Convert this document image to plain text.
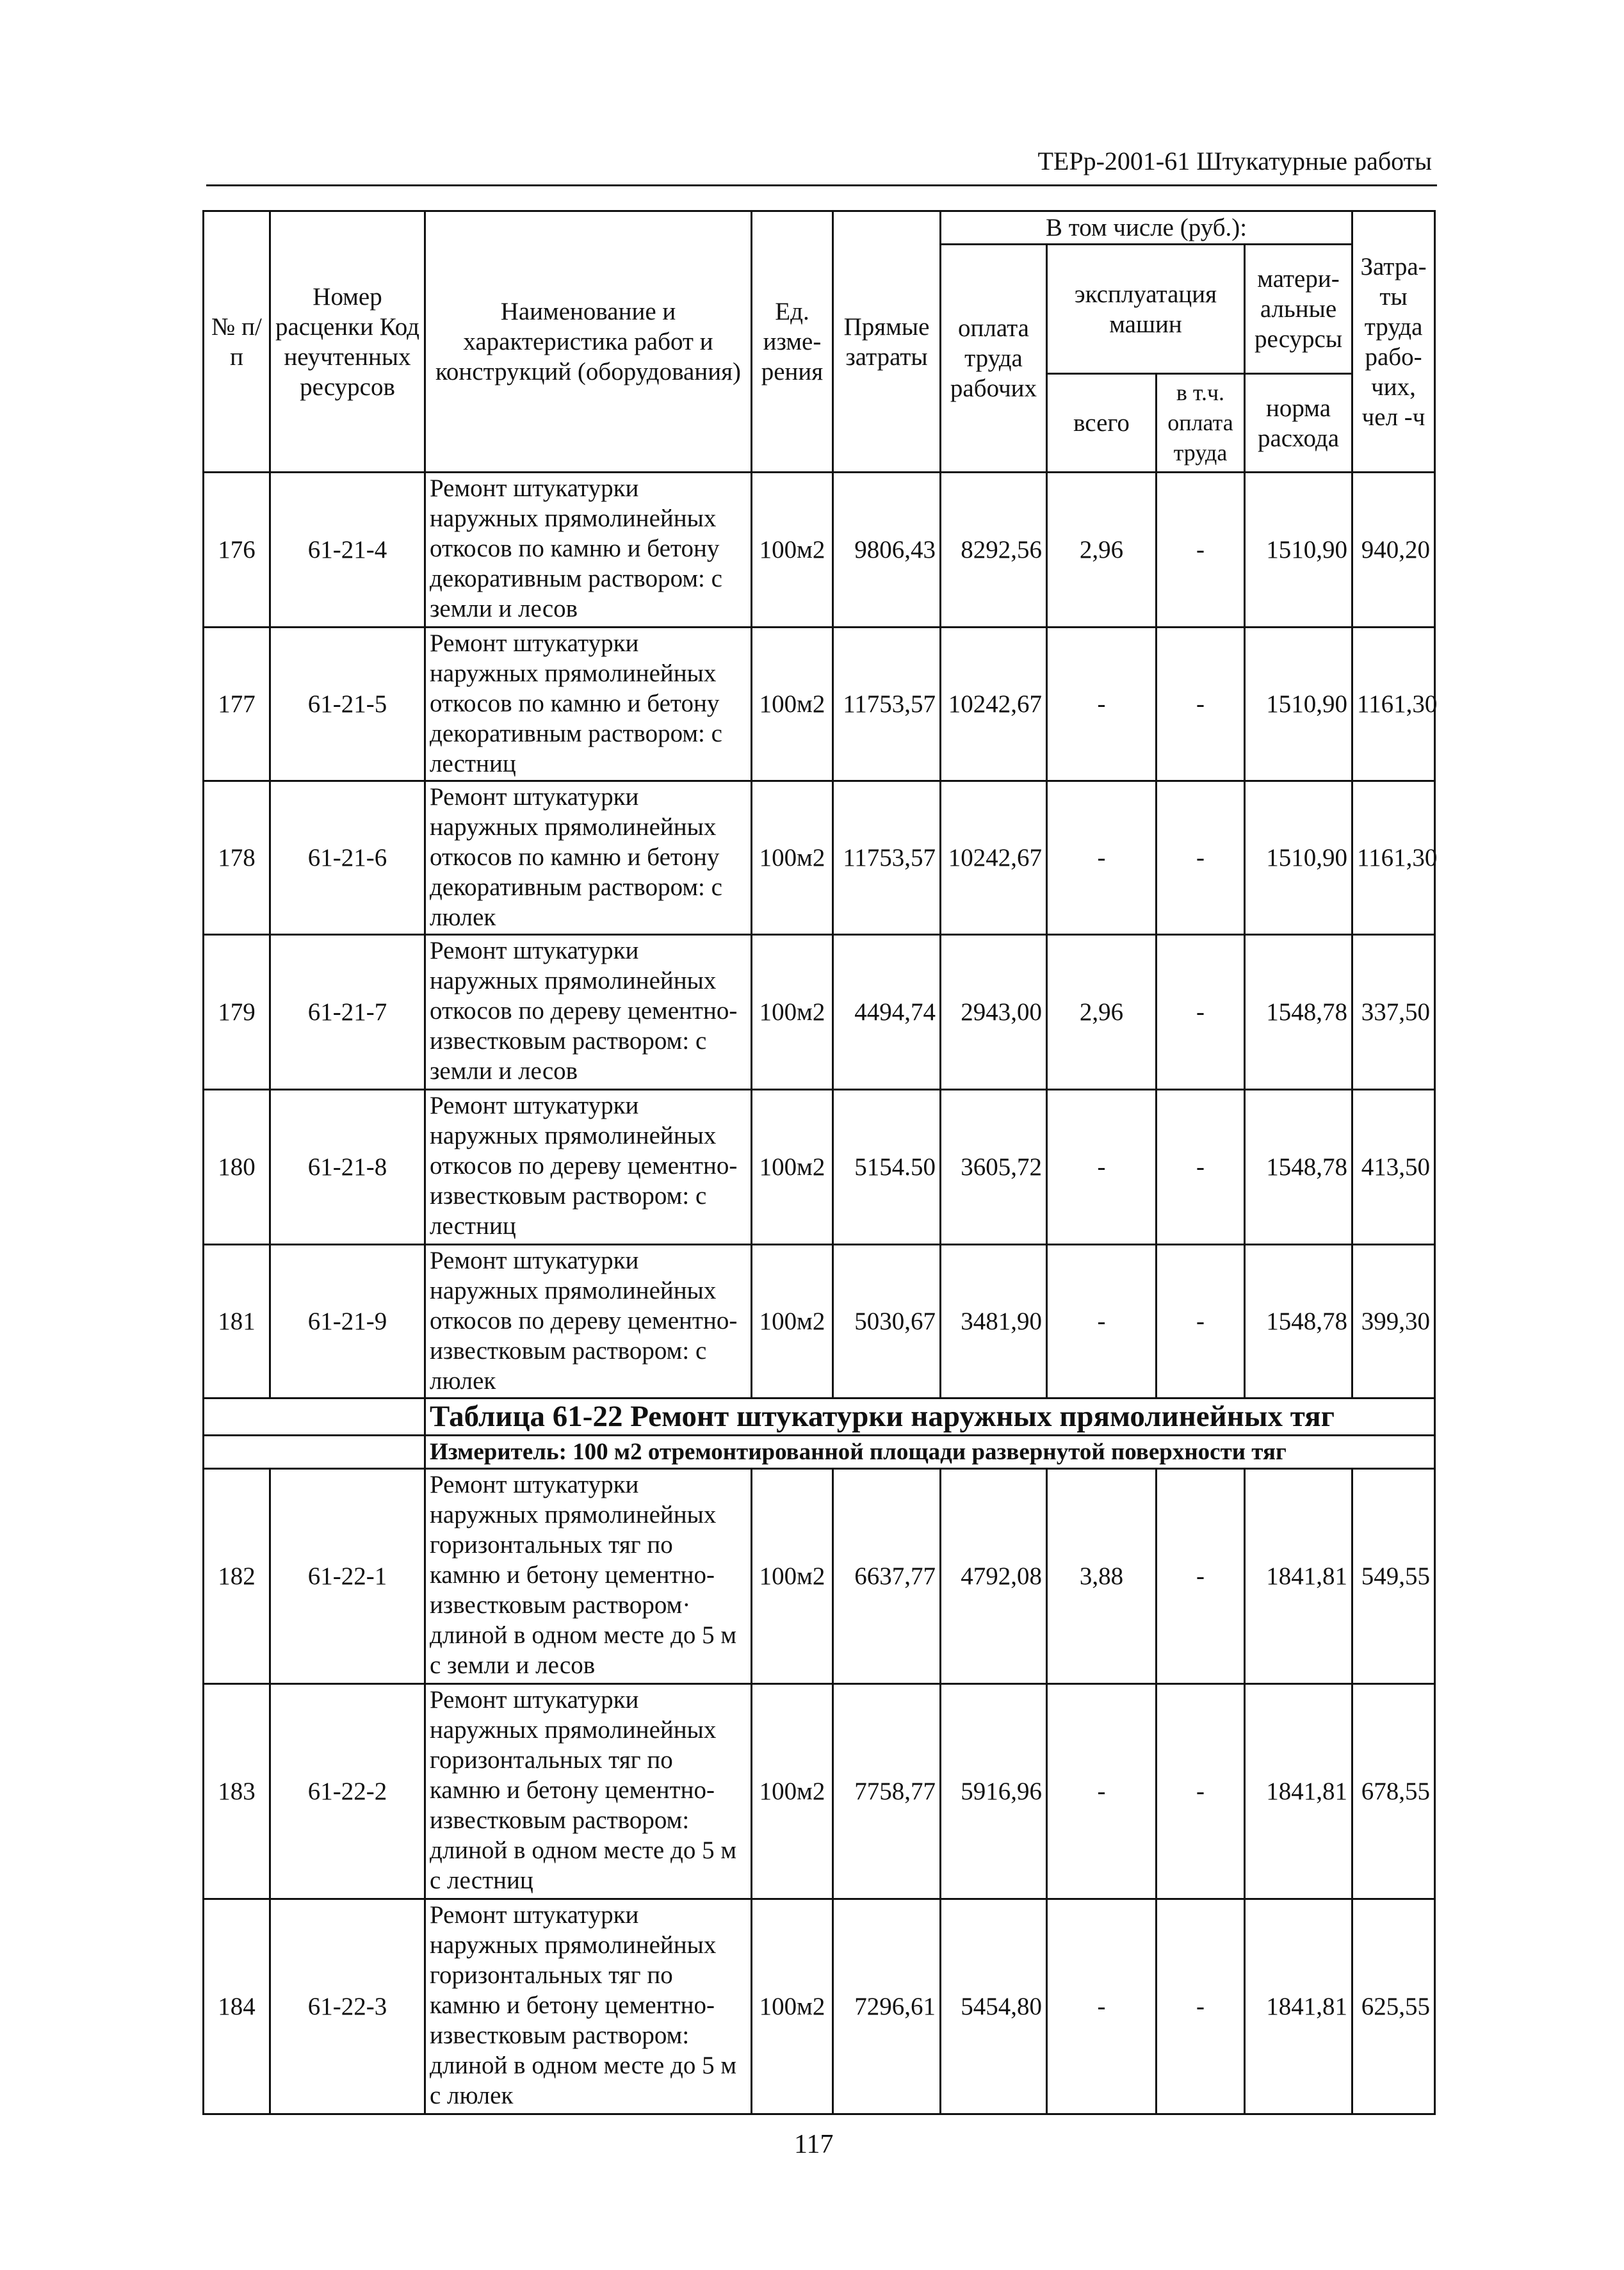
ТЕРр-2001-61 Штукатурные работы
№ п/п	Номер расценки Код неучтенных ресурсов	Наименование и характеристика работ и конструкций (оборудования)	Ед. изме-рения	Прямые затраты	В том числе (руб.):				Затра-ты труда рабо-чих, чел -ч
					оплата труда рабочих	эксплуатация машин		матери-альные ресурсы	
						всего	в т.ч. оплата труда	норма расхода	

176	61-21-4	Ремонт штукатурки наружных прямолинейных откосов по камню и бетону декоративным раствором: с земли и лесов	100м2	9806,43	8292,56	2,96	-	1510,90	940,20
177	61-21-5	Ремонт штукатурки наружных прямолинейных откосов по камню и бетону декоративным раствором: с лестниц	100м2	11753,57	10242,67	-	-	1510,90	1161,30
178	61-21-6	Ремонт штукатурки наружных прямолинейных откосов по камню и бетону декоративным раствором: с люлек	100м2	11753,57	10242,67	-	-	1510,90	1161,30
179	61-21-7	Ремонт штукатурки наружных прямолинейных откосов по дереву цементно-известковым раствором: с земли и лесов	100м2	4494,74	2943,00	2,96	-	1548,78	337,50
180	61-21-8	Ремонт штукатурки наружных прямолинейных откосов по дереву цементно-известковым раствором: с лестниц	100м2	5154.50	3605,72	-	-	1548,78	413,50
181	61-21-9	Ремонт штукатурки наружных прямолинейных откосов по дереву цементно-известковым раствором: с люлек	100м2	5030,67	3481,90	-	-	1548,78	399,30
		Таблица 61-22 Ремонт штукатурки наружных прямолинейных тяг							
		Измеритель: 100 м2 отремонтированной площади развернутой поверхности тяг							
182	61-22-1	Ремонт штукатурки наружных прямолинейных горизонтальных тяг по камню и бетону цементно-известковым раствором· длиной в одном месте до 5 м с земли и лесов	100м2	6637,77	4792,08	3,88	-	1841,81	549,55
183	61-22-2	Ремонт штукатурки наружных прямолинейных горизонтальных тяг по камню и бетону цементно-известковым раствором: длиной в одном месте до 5 м с лестниц	100м2	7758,77	5916,96	-	-	1841,81	678,55
184	61-22-3	Ремонт штукатурки наружных прямолинейных горизонтальных тяг по камню и бетону цементно-известковым раствором: длиной в одном месте до 5 м с люлек	100м2	7296,61	5454,80	-	-	1841,81	625,55
117
